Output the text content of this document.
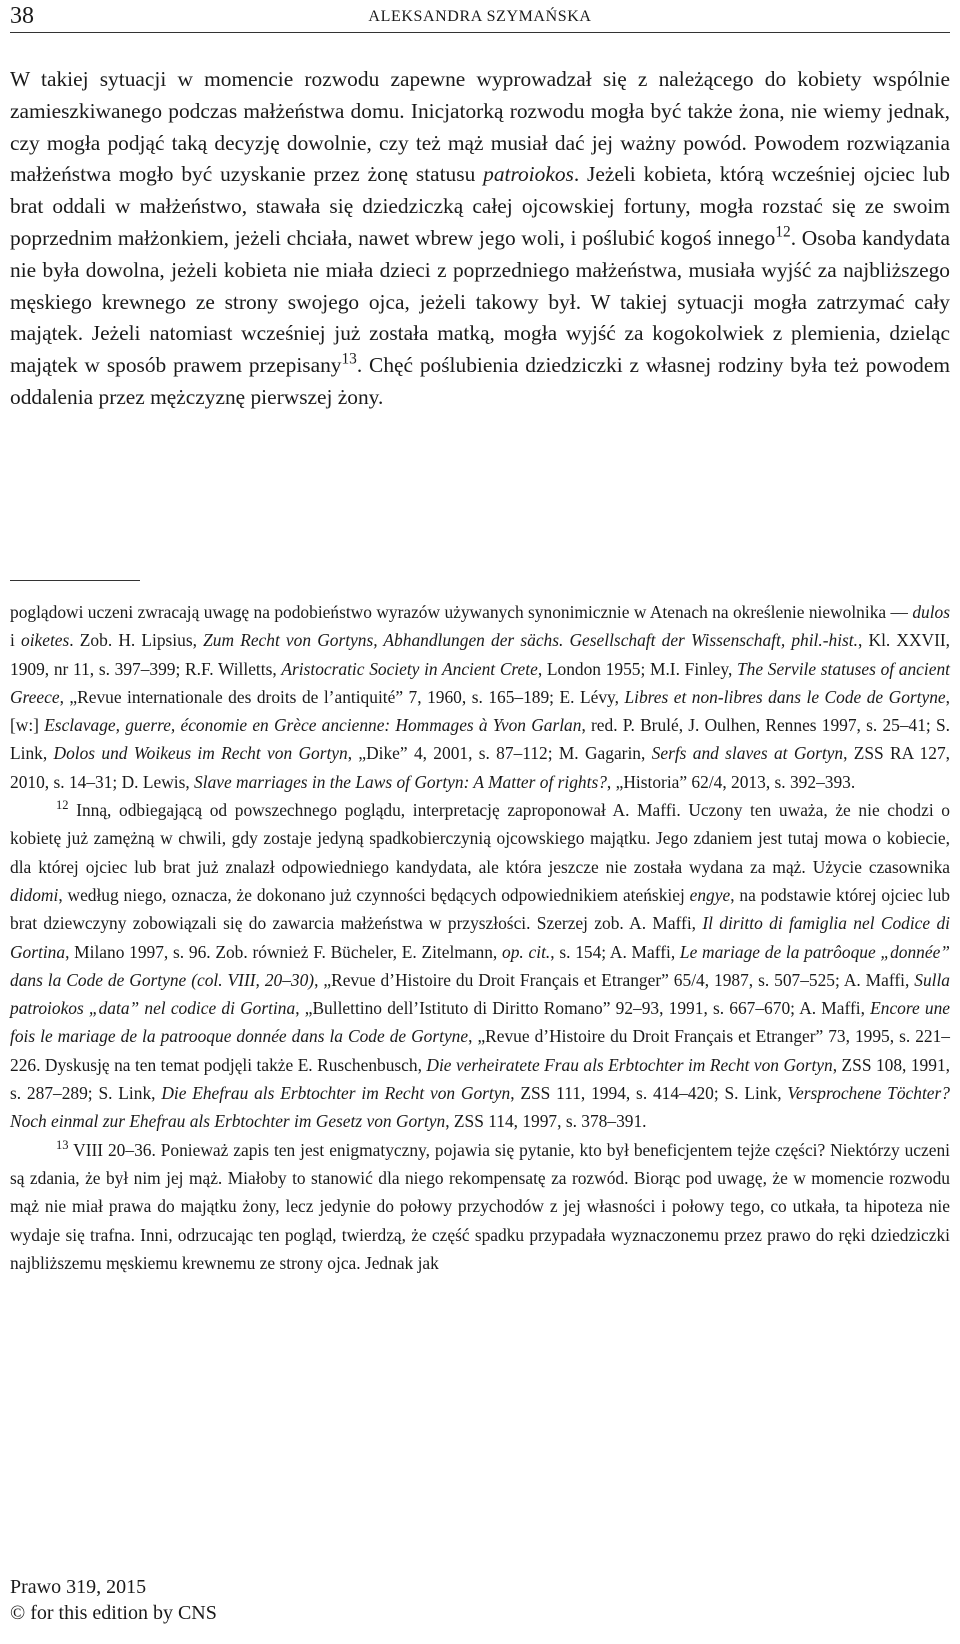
38	ALEKSANDRA SZYMAŃSKA

W takiej sytuacji w momencie rozwodu zapewne wyprowadzał się z należącego do kobiety wspólnie zamieszkiwanego podczas małżeństwa domu. Inicjatorką rozwodu mogła być także żona, nie wiemy jednak, czy mogła podjąć taką decyzję dowolnie, czy też mąż musiał dać jej ważny powód. Powodem rozwiązania małżeństwa mogło być uzyskanie przez żonę statusu patroiokos. Jeżeli kobieta, którą wcześniej ojciec lub brat oddali w małżeństwo, stawała się dziedziczką całej ojcowskiej fortuny, mogła rozstać się ze swoim poprzednim małżonkiem, jeżeli chciała, nawet wbrew jego woli, i poślubić kogoś innego$^{12}$. Osoba kandydata nie była dowolna, jeżeli kobieta nie miała dzieci z poprzedniego małżeństwa, musiała wyjść za najbliższego męskiego krewnego ze strony swojego ojca, jeżeli takowy był. W takiej sytuacji mogła zatrzymać cały majątek. Jeżeli natomiast wcześniej już została matką, mogła wyjść za kogokolwiek z plemienia, dzieląc majątek w sposób prawem przepisany$^{13}$. Chęć poślubienia dziedziczki z własnej rodziny była też powodem oddalenia przez mężczyznę pierwszej żony.

poglądowi uczeni zwracają uwagę na podobieństwo wyrazów używanych synonimicznie w Atenach na określenie niewolnika — dulos i oiketes. Zob. H. Lipsius, Zum Recht von Gortyns, Abhandlungen der sächs. Gesellschaft der Wissenschaft, phil.-hist., Kl. XXVII, 1909, nr 11, s. 397–399; R.F. Willetts, Aristocratic Society in Ancient Crete, London 1955; M.I. Finley, The Servile statuses of ancient Greece, „Revue internationale des droits de l’antiquité” 7, 1960, s. 165–189; E. Lévy, Libres et non-libres dans le Code de Gortyne, [w:] Esclavage, guerre, économie en Grèce ancienne: Hommages à Yvon Garlan, red. P. Brulé, J. Oulhen, Rennes 1997, s. 25–41; S. Link, Dolos und Woikeus im Recht von Gortyn, „Dike” 4, 2001, s. 87–112; M. Gagarin, Serfs and slaves at Gortyn, ZSS RA 127, 2010, s. 14–31; D. Lewis, Slave marriages in the Laws of Gortyn: A Matter of rights?, „Historia” 62/4, 2013, s. 392–393.

$^{12}$ Inną, odbiegającą od powszechnego poglądu, interpretację zaproponował A. Maffi. Uczony ten uważa, że nie chodzi o kobietę już zamężną w chwili, gdy zostaje jedyną spadkobierczynią ojcowskiego majątku. Jego zdaniem jest tutaj mowa o kobiecie, dla której ojciec lub brat już znalazł odpowiedniego kandydata, ale która jeszcze nie została wydana za mąż. Użycie czasownika didomi, według niego, oznacza, że dokonano już czynności będących odpowiednikiem ateńskiej engye, na podstawie której ojciec lub brat dziewczyny zobowiązali się do zawarcia małżeństwa w przyszłości. Szerzej zob. A. Maffi, Il diritto di famiglia nel Codice di Gortina, Milano 1997, s. 96. Zob. również F. Bücheler, E. Zitelmann, op. cit., s. 154; A. Maffi, Le mariage de la patrôoque „donnée” dans la Code de Gortyne (col. VIII, 20–30), „Revue d’Histoire du Droit Français et Etranger” 65/4, 1987, s. 507–525; A. Maffi, Sulla patroiokos „data” nel codice di Gortina, „Bullettino dell’Istituto di Diritto Romano” 92–93, 1991, s. 667–670; A. Maffi, Encore une fois le mariage de la patrooque donnée dans la Code de Gortyne, „Revue d’Histoire du Droit Français et Etranger” 73, 1995, s. 221–226. Dyskusję na ten temat podjęli także E. Ruschenbusch, Die verheiratete Frau als Erbtochter im Recht von Gortyn, ZSS 108, 1991, s. 287–289; S. Link, Die Ehefrau als Erbtochter im Recht von Gortyn, ZSS 111, 1994, s. 414–420; S. Link, Versprochene Töchter? Noch einmal zur Ehefrau als Erbtochter im Gesetz von Gortyn, ZSS 114, 1997, s. 378–391.

$^{13}$ VIII 20–36. Ponieważ zapis ten jest enigmatyczny, pojawia się pytanie, kto był beneficjentem tejże części? Niektórzy uczeni są zdania, że był nim jej mąż. Miałoby to stanowić dla niego rekompensatę za rozwód. Biorąc pod uwagę, że w momencie rozwodu mąż nie miał prawa do majątku żony, lecz jedynie do połowy przychodów z jej własności i połowy tego, co utkała, ta hipoteza nie wydaje się trafna. Inni, odrzucając ten pogląd, twierdzą, że część spadku przypadała wyznaczonemu przez prawo do ręki dziedziczki najbliższemu męskiemu krewnemu ze strony ojca. Jednak jak

Prawo 319, 2015
© for this edition by CNS
